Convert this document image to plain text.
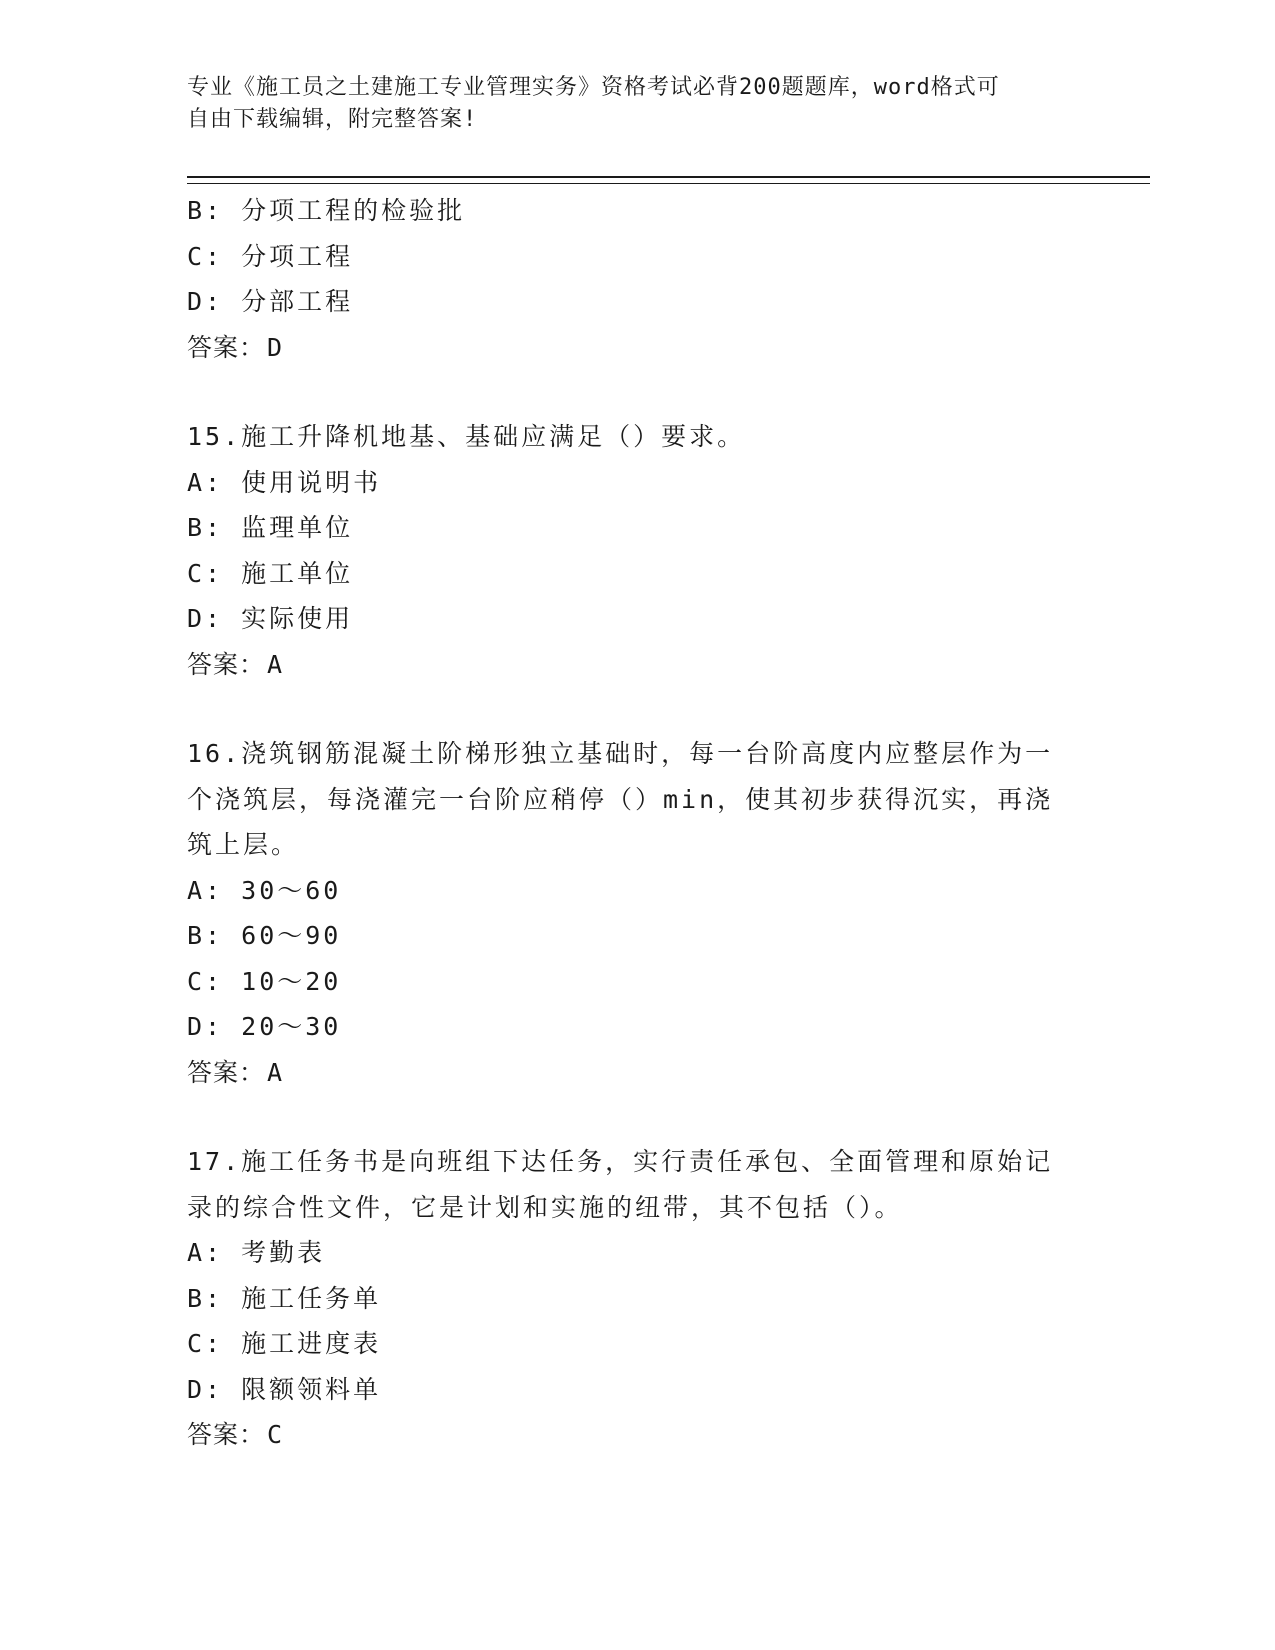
专业《施工员之土建施工专业管理实务》资格考试必背200题题库，word格式可
自由下载编辑，附完整答案!
B: 分项工程的检验批
C: 分项工程
D: 分部工程
答案：D
15.施工升降机地基、基础应满足（）要求。
A: 使用说明书
B: 监理单位
C: 施工单位
D: 实际使用
答案：A
16.浇筑钢筋混凝土阶梯形独立基础时，每一台阶高度内应整层作为一
个浇筑层，每浇灌完一台阶应稍停（）min，使其初步获得沉实，再浇
筑上层。
A: 30～60
B: 60～90
C: 10～20
D: 20～30
答案：A
17.施工任务书是向班组下达任务，实行责任承包、全面管理和原始记
录的综合性文件，它是计划和实施的纽带，其不包括（）。
A: 考勤表
B: 施工任务单
C: 施工进度表
D: 限额领料单
答案：C
